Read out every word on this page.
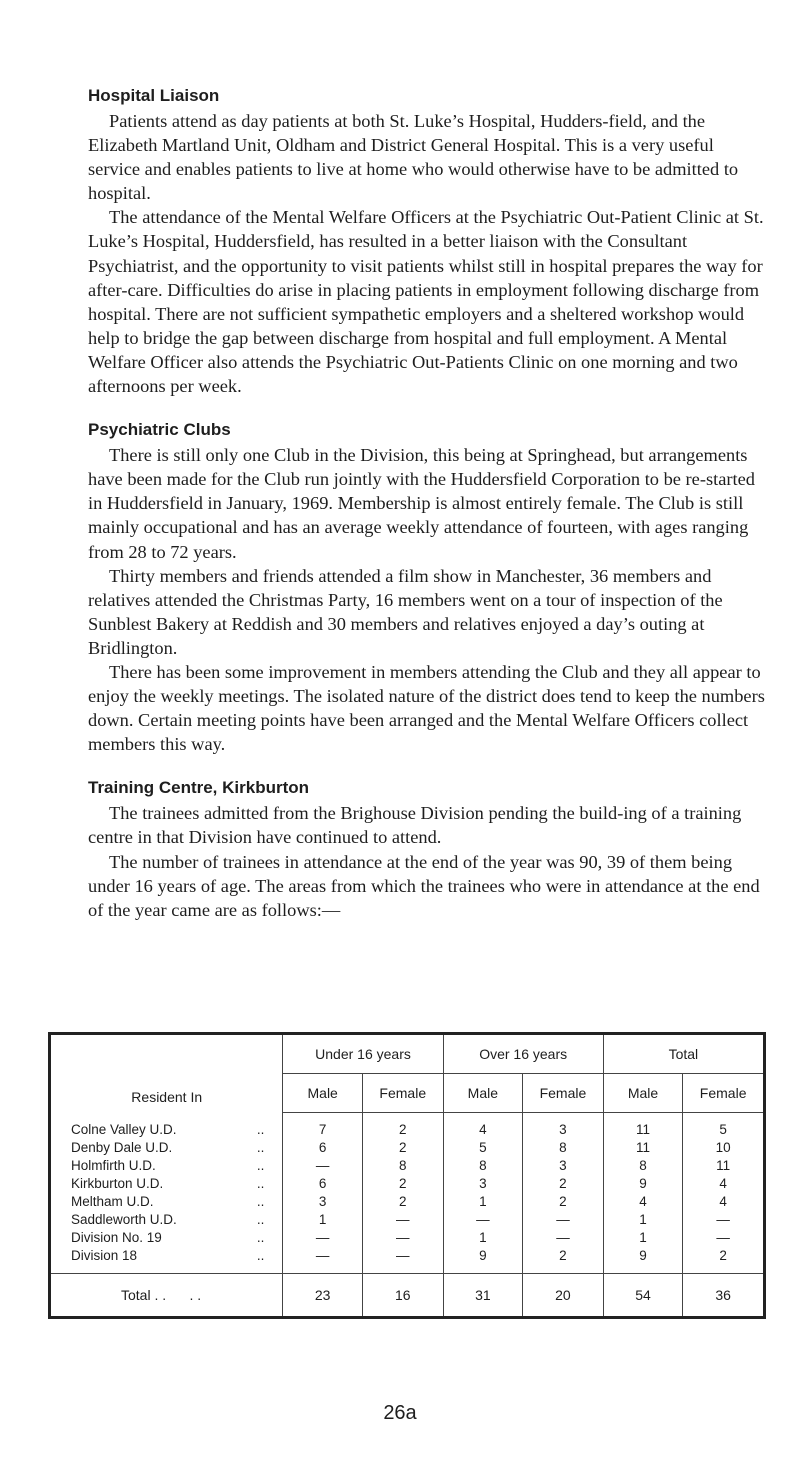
Hospital Liaison

Patients attend as day patients at both St. Luke’s Hospital, Hudders-field, and the Elizabeth Martland Unit, Oldham and District General Hospital. This is a very useful service and enables patients to live at home who would otherwise have to be admitted to hospital.

The attendance of the Mental Welfare Officers at the Psychiatric Out-Patient Clinic at St. Luke’s Hospital, Huddersfield, has resulted in a better liaison with the Consultant Psychiatrist, and the opportunity to visit patients whilst still in hospital prepares the way for after-care. Difficulties do arise in placing patients in employment following discharge from hospital. There are not sufficient sympathetic employers and a sheltered workshop would help to bridge the gap between discharge from hospital and full employment. A Mental Welfare Officer also attends the Psychiatric Out-Patients Clinic on one morning and two afternoons per week.

Psychiatric Clubs

There is still only one Club in the Division, this being at Springhead, but arrangements have been made for the Club run jointly with the Huddersfield Corporation to be re-started in Huddersfield in January, 1969. Membership is almost entirely female. The Club is still mainly occupational and has an average weekly attendance of fourteen, with ages ranging from 28 to 72 years.

Thirty members and friends attended a film show in Manchester, 36 members and relatives attended the Christmas Party, 16 members went on a tour of inspection of the Sunblest Bakery at Reddish and 30 members and relatives enjoyed a day’s outing at Bridlington.

There has been some improvement in members attending the Club and they all appear to enjoy the weekly meetings. The isolated nature of the district does tend to keep the numbers down. Certain meeting points have been arranged and the Mental Welfare Officers collect members this way.

Training Centre, Kirkburton

The trainees admitted from the Brighouse Division pending the build-ing of a training centre in that Division have continued to attend.

The number of trainees in attendance at the end of the year was 90, 39 of them being under 16 years of age. The areas from which the trainees who were in attendance at the end of the year came are as follows:—

Resident In	Under 16 years		Over 16 years		Total	
	Male	Female	Male	Female	Male	Female
Colne Valley U.D. ..	7	2	4	3	11	5
Denby Dale U.D. ..	6	2	5	8	11	10
Holmfirth U.D. ..	—	8	8	3	8	11
Kirkburton U.D. ..	6	2	3	2	9	4
Meltham U.D. ..	3	2	1	2	4	4
Saddleworth U.D. ..	1	—	—	—	1	—
Division No. 19 ..	—	—	1	—	1	—
Division 18 ..	—	—	9	2	9	2
Total . .      . .	23	16	31	20	54	36
26a
